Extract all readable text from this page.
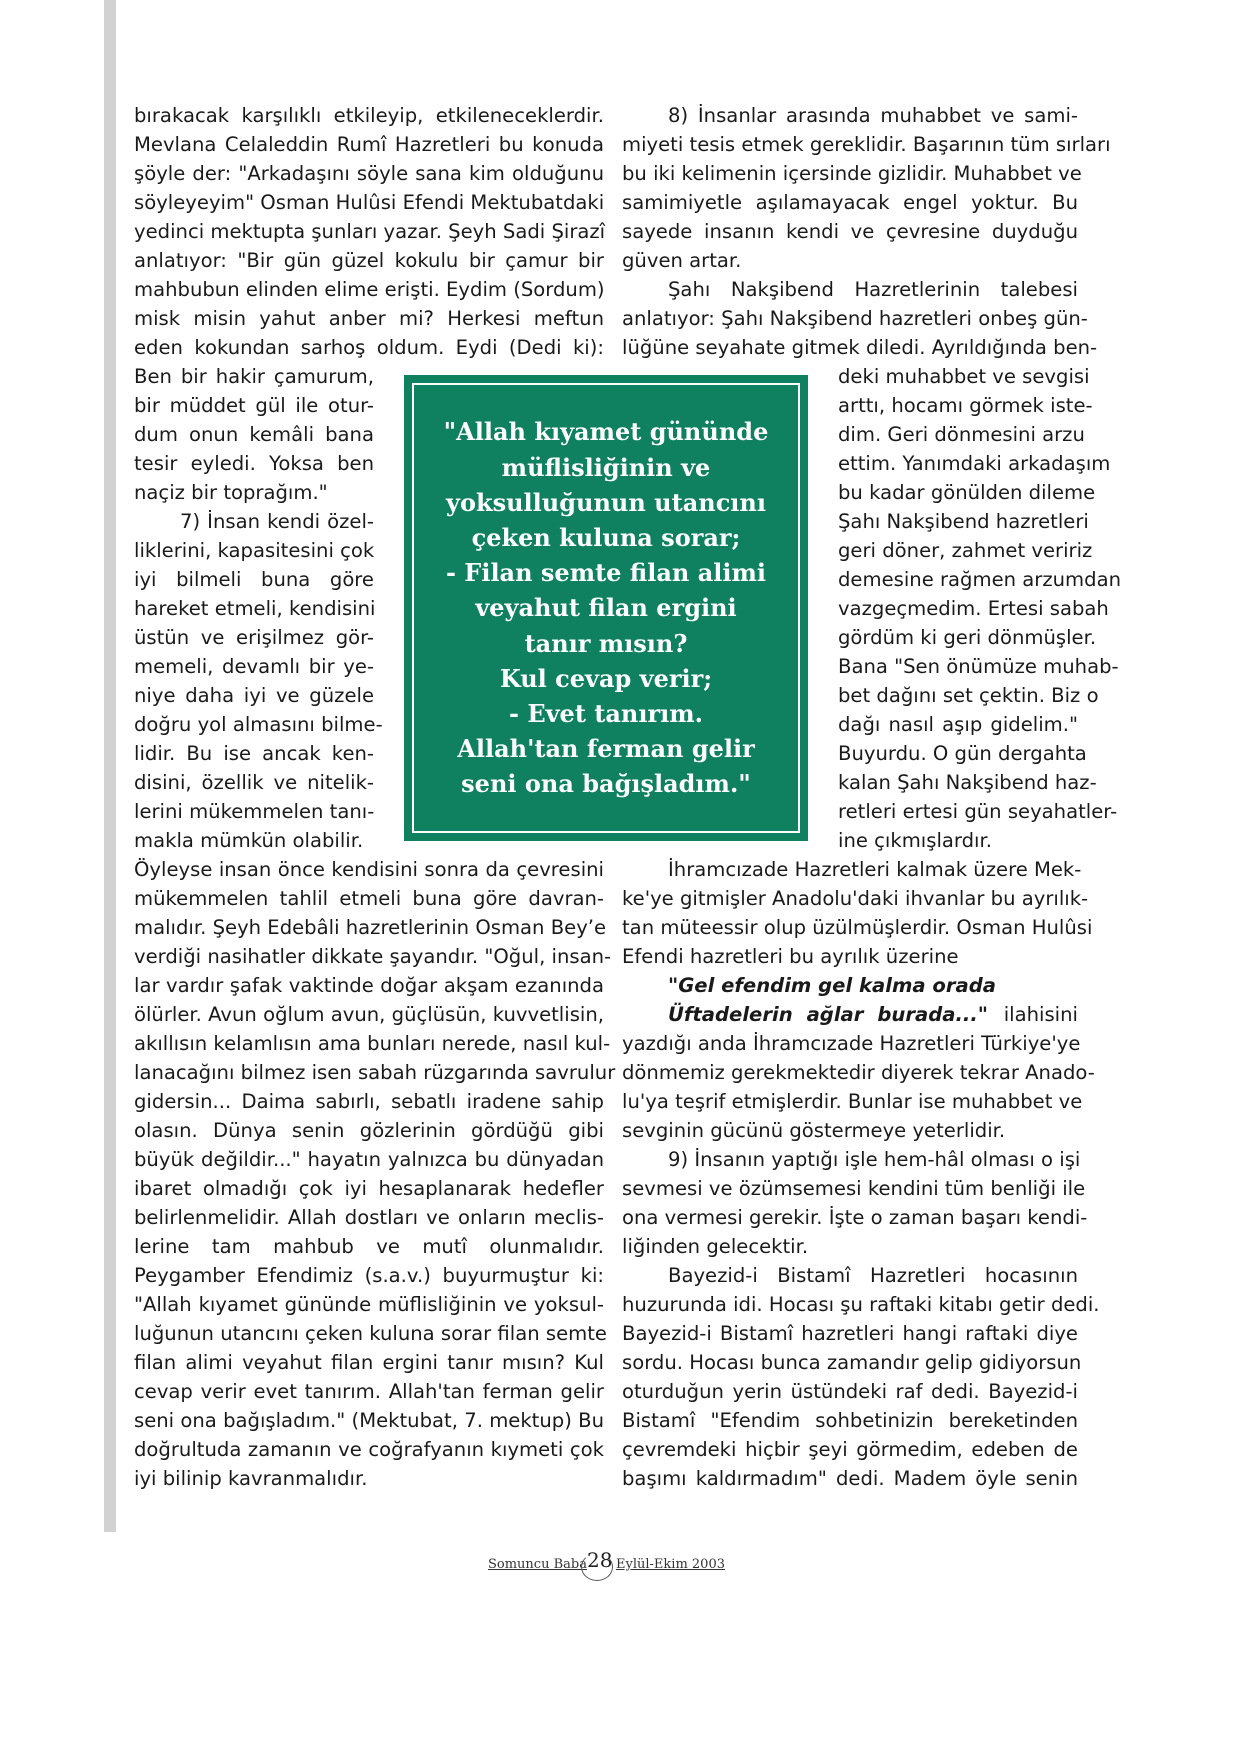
bırakacak karşılıklı etkileyip, etkileneceklerdir.
Mevlana Celaleddin Rumî Hazretleri bu konuda
şöyle der: "Arkadaşını söyle sana kim olduğunu
söyleyeyim" Osman Hulûsi Efendi Mektubatdaki
yedinci mektupta şunları yazar. Şeyh Sadi Şirazî
anlatıyor: "Bir gün güzel kokulu bir çamur bir
mahbubun elinden elime erişti. Eydim (Sordum)
misk misin yahut anber mi? Herkesi meftun
eden kokundan sarhoş oldum. Eydi (Dedi ki):
Ben bir hakir çamurum,
bir müddet gül ile otur-
dum onun kemâli bana
tesir eyledi. Yoksa ben
naçiz bir toprağım."
7) İnsan kendi özel-
liklerini, kapasitesini çok
iyi bilmeli buna göre
hareket etmeli, kendisini
üstün ve erişilmez gör-
memeli, devamlı bir ye-
niye daha iyi ve güzele
doğru yol almasını bilme-
lidir. Bu ise ancak ken-
disini, özellik ve nitelik-
lerini mükemmelen tanı-
makla mümkün olabilir.
Öyleyse insan önce kendisini sonra da çevresini
mükemmelen tahlil etmeli buna göre davran-
malıdır. Şeyh Edebâli hazretlerinin Osman Bey’e
verdiği nasihatler dikkate şayandır. "Oğul, insan-
lar vardır şafak vaktinde doğar akşam ezanında
ölürler. Avun oğlum avun, güçlüsün, kuvvetlisin,
akıllısın kelamlısın ama bunları nerede, nasıl kul-
lanacağını bilmez isen sabah rüzgarında savrulur
gidersin... Daima sabırlı, sebatlı iradene sahip
olasın. Dünya senin gözlerinin gördüğü gibi
büyük değildir..." hayatın yalnızca bu dünyadan
ibaret olmadığı çok iyi hesaplanarak hedefler
belirlenmelidir. Allah dostları ve onların meclis-
lerine tam mahbub ve mutî olunmalıdır.
Peygamber Efendimiz (s.a.v.) buyurmuştur ki:
"Allah kıyamet gününde müflisliğinin ve yoksul-
luğunun utancını çeken kuluna sorar filan semte
filan alimi veyahut filan ergini tanır mısın? Kul
cevap verir evet tanırım. Allah'tan ferman gelir
seni ona bağışladım." (Mektubat, 7. mektup) Bu
doğrultuda zamanın ve coğrafyanın kıymeti çok
iyi bilinip kavranmalıdır.
8) İnsanlar arasında muhabbet ve sami-
miyeti tesis etmek gereklidir. Başarının tüm sırları
bu iki kelimenin içersinde gizlidir. Muhabbet ve
samimiyetle aşılamayacak engel yoktur. Bu
sayede insanın kendi ve çevresine duyduğu
güven artar.
Şahı Nakşibend Hazretlerinin talebesi
anlatıyor: Şahı Nakşibend hazretleri onbeş gün-
lüğüne seyahate gitmek diledi. Ayrıldığında ben-
deki muhabbet ve sevgisi
arttı, hocamı görmek iste-
dim. Geri dönmesini arzu
ettim. Yanımdaki arkadaşım
bu kadar gönülden dileme
Şahı Nakşibend hazretleri
geri döner, zahmet veririz
demesine rağmen arzumdan
vazgeçmedim. Ertesi sabah
gördüm ki geri dönmüşler.
Bana "Sen önümüze muhab-
bet dağını set çektin. Biz o
dağı nasıl aşıp gidelim."
Buyurdu. O gün dergahta
kalan Şahı Nakşibend haz-
retleri ertesi gün seyahatler-
ine çıkmışlardır.
İhramcızade Hazretleri kalmak üzere Mek-
ke'ye gitmişler Anadolu'daki ihvanlar bu ayrılık-
tan müteessir olup üzülmüşlerdir. Osman Hulûsi
Efendi hazretleri bu ayrılık üzerine
"Gel efendim gel kalma orada
Üftadelerin ağlar burada..." ilahisini
yazdığı anda İhramcızade Hazretleri Türkiye'ye
dönmemiz gerekmektedir diyerek tekrar Anado-
lu'ya teşrif etmişlerdir. Bunlar ise muhabbet ve
sevginin gücünü göstermeye yeterlidir.
9) İnsanın yaptığı işle hem-hâl olması o işi
sevmesi ve özümsemesi kendini tüm benliği ile
ona vermesi gerekir. İşte o zaman başarı kendi-
liğinden gelecektir.
Bayezid-i Bistamî Hazretleri hocasının
huzurunda idi. Hocası şu raftaki kitabı getir dedi.
Bayezid-i Bistamî hazretleri hangi raftaki diye
sordu. Hocası bunca zamandır gelip gidiyorsun
oturduğun yerin üstündeki raf dedi. Bayezid-i
Bistamî "Efendim sohbetinizin bereketinden
çevremdeki hiçbir şeyi görmedim, edeben de
başımı kaldırmadım" dedi. Madem öyle senin
"Allah kıyamet gününde
müflisliğinin ve
yoksulluğunun utancını
çeken kuluna sorar;
- Filan semte filan alimi
veyahut filan ergini
tanır mısın?
Kul cevap verir;
- Evet tanırım.
Allah'tan ferman gelir
seni ona bağışladım."
Somuncu Baba 28 Eylül-Ekim 2003
